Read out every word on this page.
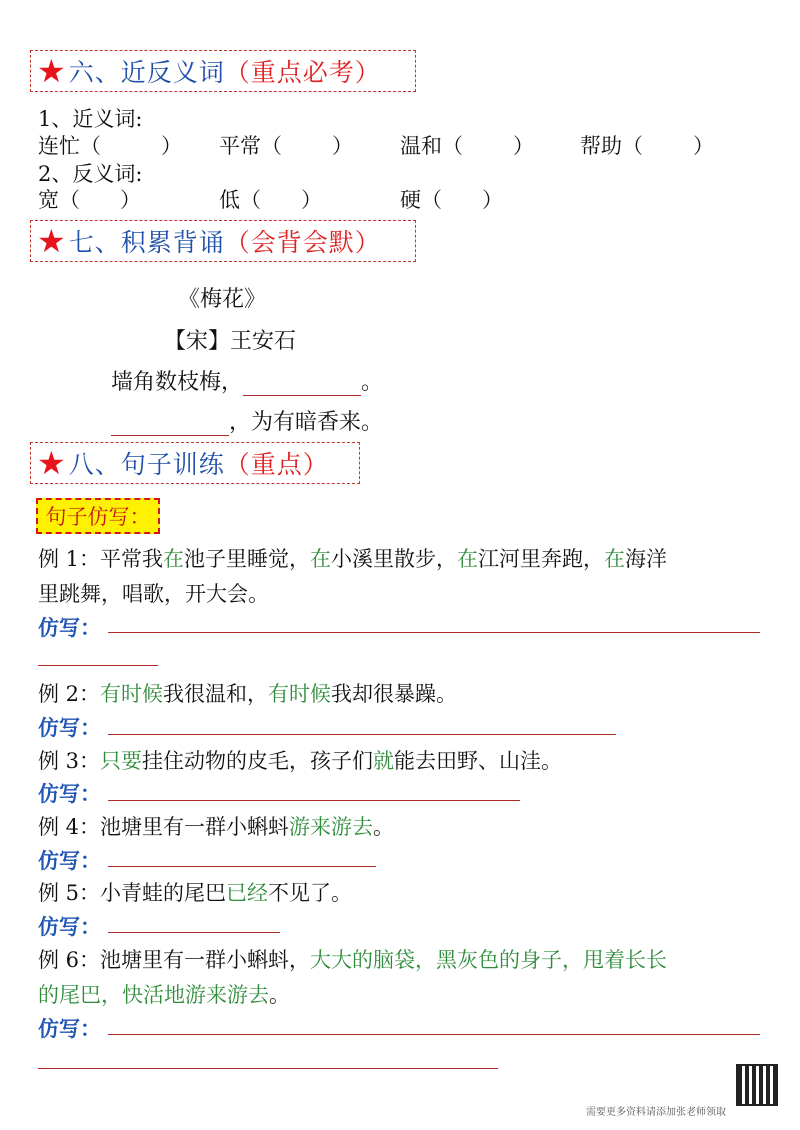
★ 六、近反义词 （重点必考）
1、近义词:
连忙（	） 平常（ ） 温和（ ） 帮助（ ）
2、反义词:
宽（ ）	低（ ）	硬（ ）
★ 七、积累背诵 （会背会默）
《梅花》
【宋】王安石
墙角数枝梅，	。
，为有暗香来。
★ 八、句子训练 （重点）
句子仿写：
例 1：平常我在池子里睡觉，在小溪里散步，在江河里奔跑，在海洋
里跳舞，唱歌，开大会。
仿写：
例 2：有时候我很温和，有时候我却很暴躁。
仿写：
例 3：只要挂住动物的皮毛，孩子们就能去田野、山洼。
仿写：
例 4：池塘里有一群小蝌蚪游来游去。
仿写：
例 5：小青蛙的尾巴已经不见了。
仿写：
例 6：池塘里有一群小蝌蚪，大大的脑袋，黑灰色的身子，甩着长长
的尾巴，快活地游来游去。
仿写：
需要更多资料请添加张老师领取
